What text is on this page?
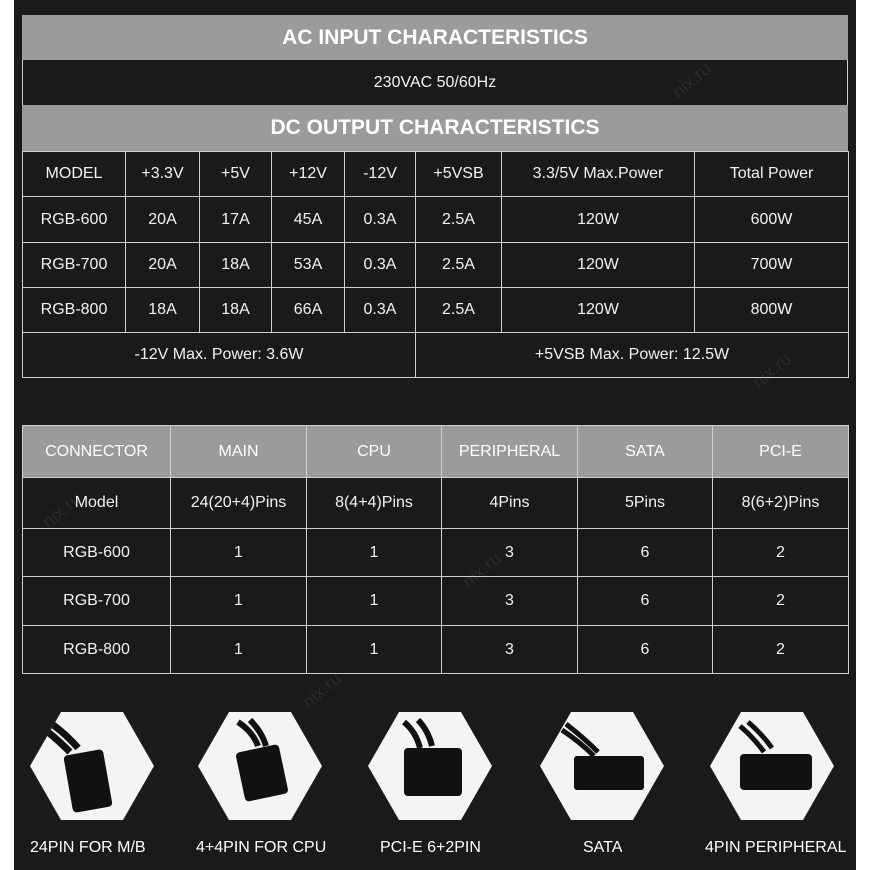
AC INPUT CHARACTERISTICS
230VAC 50/60Hz
DC OUTPUT CHARACTERISTICS
MODEL	+3.3V	+5V	+12V	-12V	+5VSB	3.3/5V Max.Power	Total Power
RGB-600	20A	17A	45A	0.3A	2.5A	120W	600W
RGB-700	20A	18A	53A	0.3A	2.5A	120W	700W
RGB-800	18A	18A	66A	0.3A	2.5A	120W	800W
-12V Max. Power: 3.6W					+5VSB Max. Power: 12.5W		
CONNECTOR	MAIN	CPU	PERIPHERAL	SATA	PCI-E
Model	24(20+4)Pins	8(4+4)Pins	4Pins	5Pins	8(6+2)Pins
RGB-600	1	1	3	6	2
RGB-700	1	1	3	6	2
RGB-800	1	1	3	6	2
24PIN FOR M/B	4+4PIN FOR CPU	PCI-E 6+2PIN	SATA	4PIN PERIPHERAL
